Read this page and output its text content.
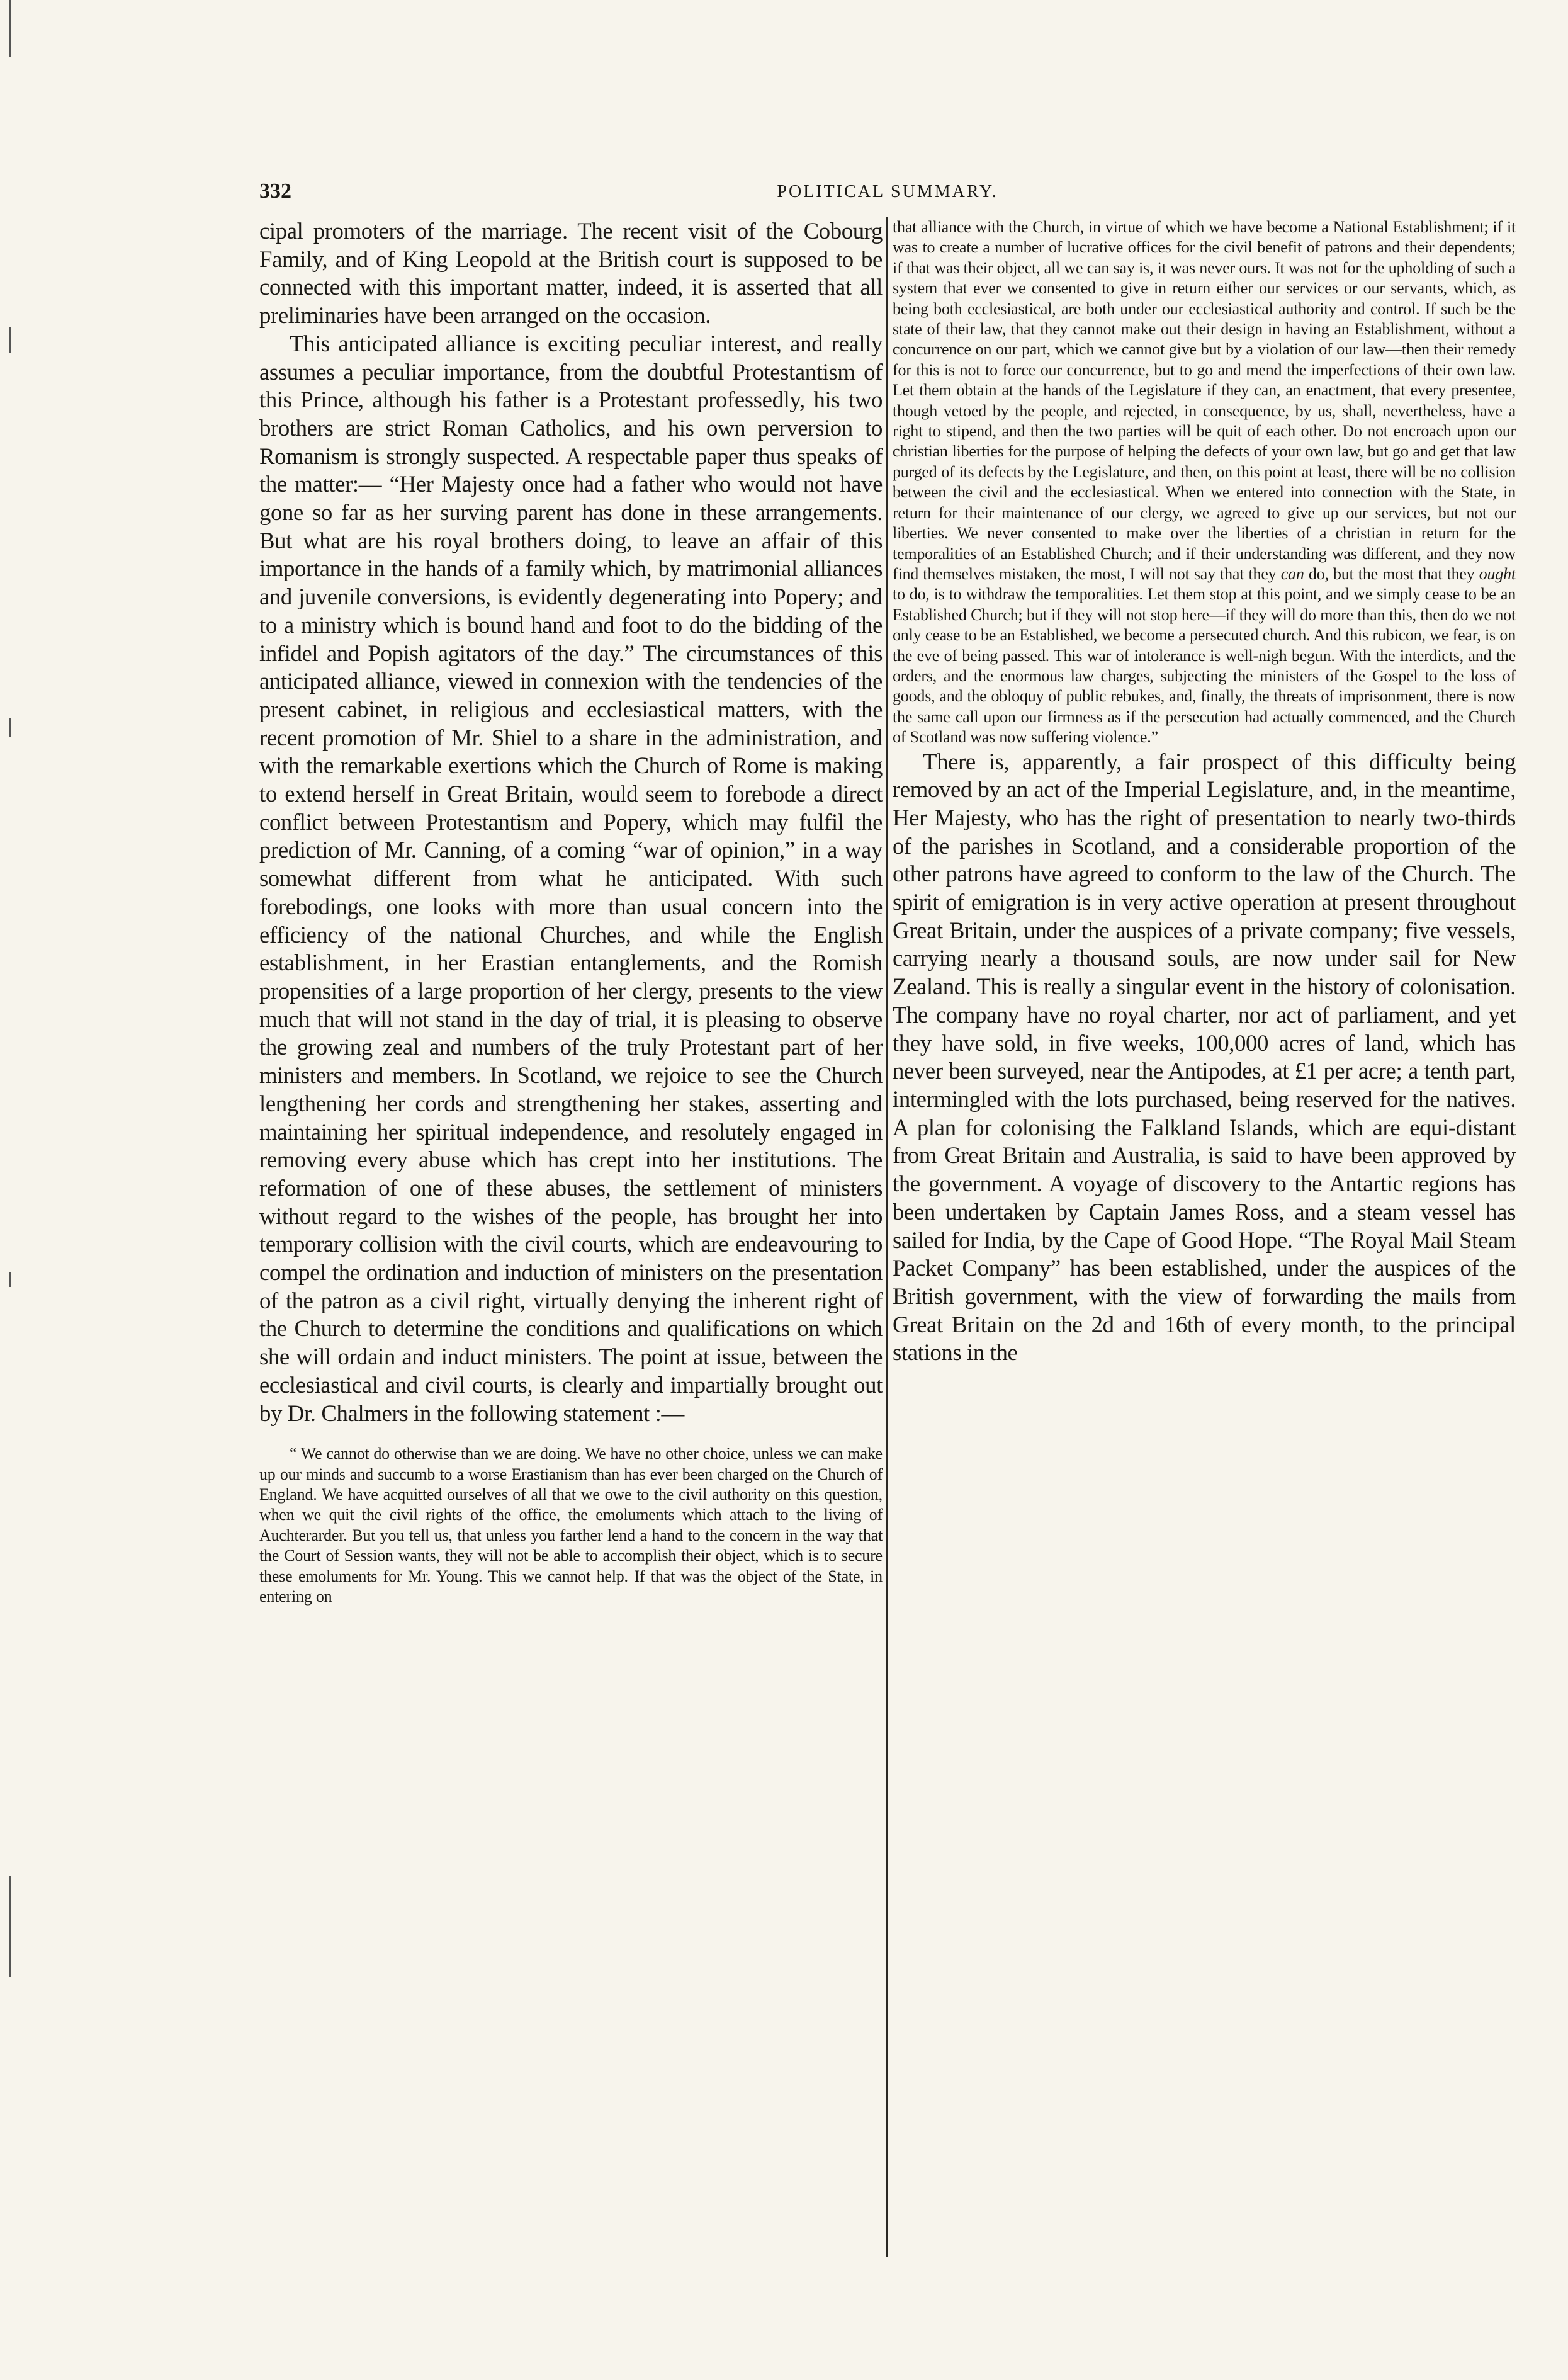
332	POLITICAL SUMMARY.

cipal promoters of the marriage. The recent visit of the Cobourg Family, and of King Leopold at the British court is supposed to be connected with this important matter, indeed, it is asserted that all preliminaries have been arranged on the occasion.

This anticipated alliance is exciting peculiar interest, and really assumes a peculiar importance, from the doubtful Protestantism of this Prince, although his father is a Protestant professedly, his two brothers are strict Roman Catholics, and his own perversion to Romanism is strongly suspected. A respectable paper thus speaks of the matter:— “Her Majesty once had a father who would not have gone so far as her surving parent has done in these arrangements. But what are his royal brothers doing, to leave an affair of this importance in the hands of a family which, by matrimonial alliances and juvenile conversions, is evidently degenerating into Popery; and to a ministry which is bound hand and foot to do the bidding of the infidel and Popish agitators of the day.” The circumstances of this anticipated alliance, viewed in connexion with the tendencies of the present cabinet, in religious and ecclesiastical matters, with the recent promotion of Mr. Shiel to a share in the administration, and with the remarkable exertions which the Church of Rome is making to extend herself in Great Britain, would seem to forebode a direct conflict between Protestantism and Popery, which may fulfil the prediction of Mr. Canning, of a coming “war of opinion,” in a way somewhat different from what he anticipated. With such forebodings, one looks with more than usual concern into the efficiency of the national Churches, and while the English establishment, in her Erastian entanglements, and the Romish propensities of a large proportion of her clergy, presents to the view much that will not stand in the day of trial, it is pleasing to observe the growing zeal and numbers of the truly Protestant part of her ministers and members. In Scotland, we rejoice to see the Church lengthening her cords and strengthening her stakes, asserting and maintaining her spiritual independence, and resolutely engaged in removing every abuse which has crept into her institutions. The reformation of one of these abuses, the settlement of ministers without regard to the wishes of the people, has brought her into temporary collision with the civil courts, which are endeavouring to compel the ordination and induction of ministers on the presentation of the patron as a civil right, virtually denying the inherent right of the Church to determine the conditions and qualifications on which she will ordain and induct ministers. The point at issue, between the ecclesiastical and civil courts, is clearly and impartially brought out by Dr. Chalmers in the following statement :—

“ We cannot do otherwise than we are doing. We have no other choice, unless we can make up our minds and succumb to a worse Erastianism than has ever been charged on the Church of England. We have acquitted ourselves of all that we owe to the civil authority on this question, when we quit the civil rights of the office, the emoluments which attach to the living of Auchterarder. But you tell us, that unless you farther lend a hand to the concern in the way that the Court of Session wants, they will not be able to accomplish their object, which is to secure these emoluments for Mr. Young. This we cannot help. If that was the object of the State, in entering on

that alliance with the Church, in virtue of which we have become a National Establishment; if it was to create a number of lucrative offices for the civil benefit of patrons and their dependents; if that was their object, all we can say is, it was never ours. It was not for the upholding of such a system that ever we consented to give in return either our services or our servants, which, as being both ecclesiastical, are both under our ecclesiastical authority and control. If such be the state of their law, that they cannot make out their design in having an Establishment, without a concurrence on our part, which we cannot give but by a violation of our law—then their remedy for this is not to force our concurrence, but to go and mend the imperfections of their own law. Let them obtain at the hands of the Legislature if they can, an enactment, that every presentee, though vetoed by the people, and rejected, in consequence, by us, shall, nevertheless, have a right to stipend, and then the two parties will be quit of each other. Do not encroach upon our christian liberties for the purpose of helping the defects of your own law, but go and get that law purged of its defects by the Legislature, and then, on this point at least, there will be no collision between the civil and the ecclesiastical. When we entered into connection with the State, in return for their maintenance of our clergy, we agreed to give up our services, but not our liberties. We never consented to make over the liberties of a christian in return for the temporalities of an Established Church; and if their understanding was different, and they now find themselves mistaken, the most, I will not say that they can do, but the most that they ought to do, is to withdraw the temporalities. Let them stop at this point, and we simply cease to be an Established Church; but if they will not stop here—if they will do more than this, then do we not only cease to be an Established, we become a persecuted church. And this rubicon, we fear, is on the eve of being passed. This war of intolerance is well-nigh begun. With the interdicts, and the orders, and the enormous law charges, subjecting the ministers of the Gospel to the loss of goods, and the obloquy of public rebukes, and, finally, the threats of imprisonment, there is now the same call upon our firmness as if the persecution had actually commenced, and the Church of Scotland was now suffering violence.”

There is, apparently, a fair prospect of this difficulty being removed by an act of the Imperial Legislature, and, in the meantime, Her Majesty, who has the right of presentation to nearly two-thirds of the parishes in Scotland, and a considerable proportion of the other patrons have agreed to conform to the law of the Church. The spirit of emigration is in very active operation at present throughout Great Britain, under the auspices of a private company; five vessels, carrying nearly a thousand souls, are now under sail for New Zealand. This is really a singular event in the history of colonisation. The company have no royal charter, nor act of parliament, and yet they have sold, in five weeks, 100,000 acres of land, which has never been surveyed, near the Antipodes, at £1 per acre; a tenth part, intermingled with the lots purchased, being reserved for the natives. A plan for colonising the Falkland Islands, which are equi-distant from Great Britain and Australia, is said to have been approved by the government. A voyage of discovery to the Antartic regions has been undertaken by Captain James Ross, and a steam vessel has sailed for India, by the Cape of Good Hope. “The Royal Mail Steam Packet Company” has been established, under the auspices of the British government, with the view of forwarding the mails from Great Britain on the 2d and 16th of every month, to the principal stations in the
